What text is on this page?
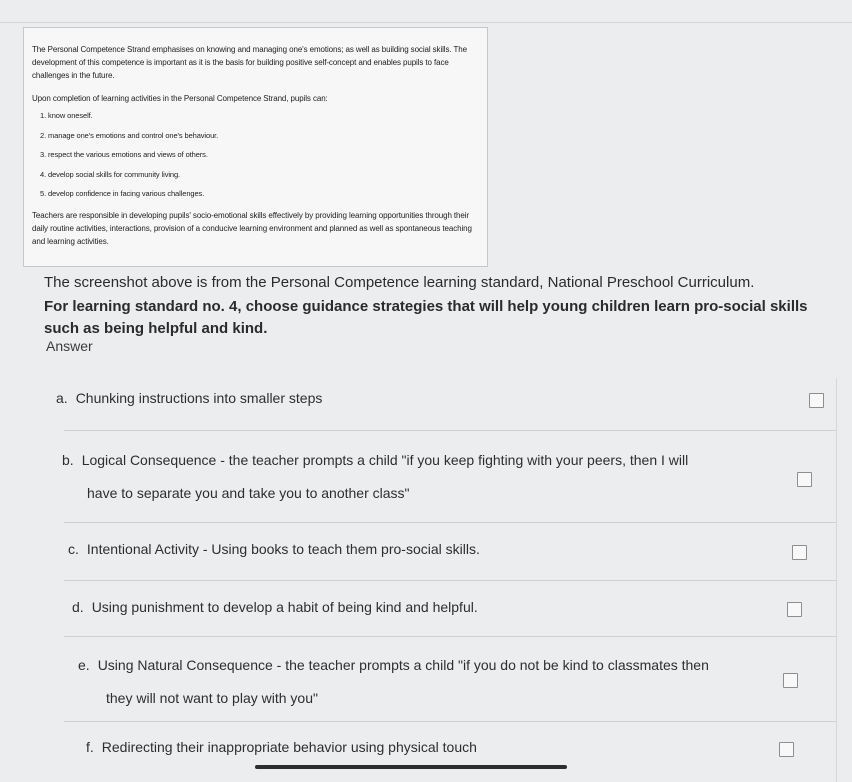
The Personal Competence Strand emphasises on knowing and managing one's emotions; as well as building social skills. The development of this competence is important as it is the basis for building positive self-concept and enables pupils to face challenges in the future.

Upon completion of learning activities in the Personal Competence Strand, pupils can:

1. know oneself.
2. manage one's emotions and control one's behaviour.
3. respect the various emotions and views of others.
4. develop social skills for community living.
5. develop confidence in facing various challenges.

Teachers are responsible in developing pupils' socio-emotional skills effectively by providing learning opportunities through their daily routine activities, interactions, provision of a conducive learning environment and planned as well as spontaneous teaching and learning activities.

The screenshot above is from the Personal Competence learning standard, National Preschool Curriculum.
For learning standard no. 4, choose guidance strategies that will help young children learn pro-social skills such as being helpful and kind.
Answer
a. Chunking instructions into smaller steps
b. Logical Consequence - the teacher prompts a child "if you keep fighting with your peers, then I will
have to separate you and take you to another class"
c. Intentional Activity - Using books to teach them pro-social skills.
d. Using punishment to develop a habit of being kind and helpful.
e. Using Natural Consequence - the teacher prompts a child "if you do not be kind to classmates then
they will not want to play with you"
f. Redirecting their inappropriate behavior using physical touch
